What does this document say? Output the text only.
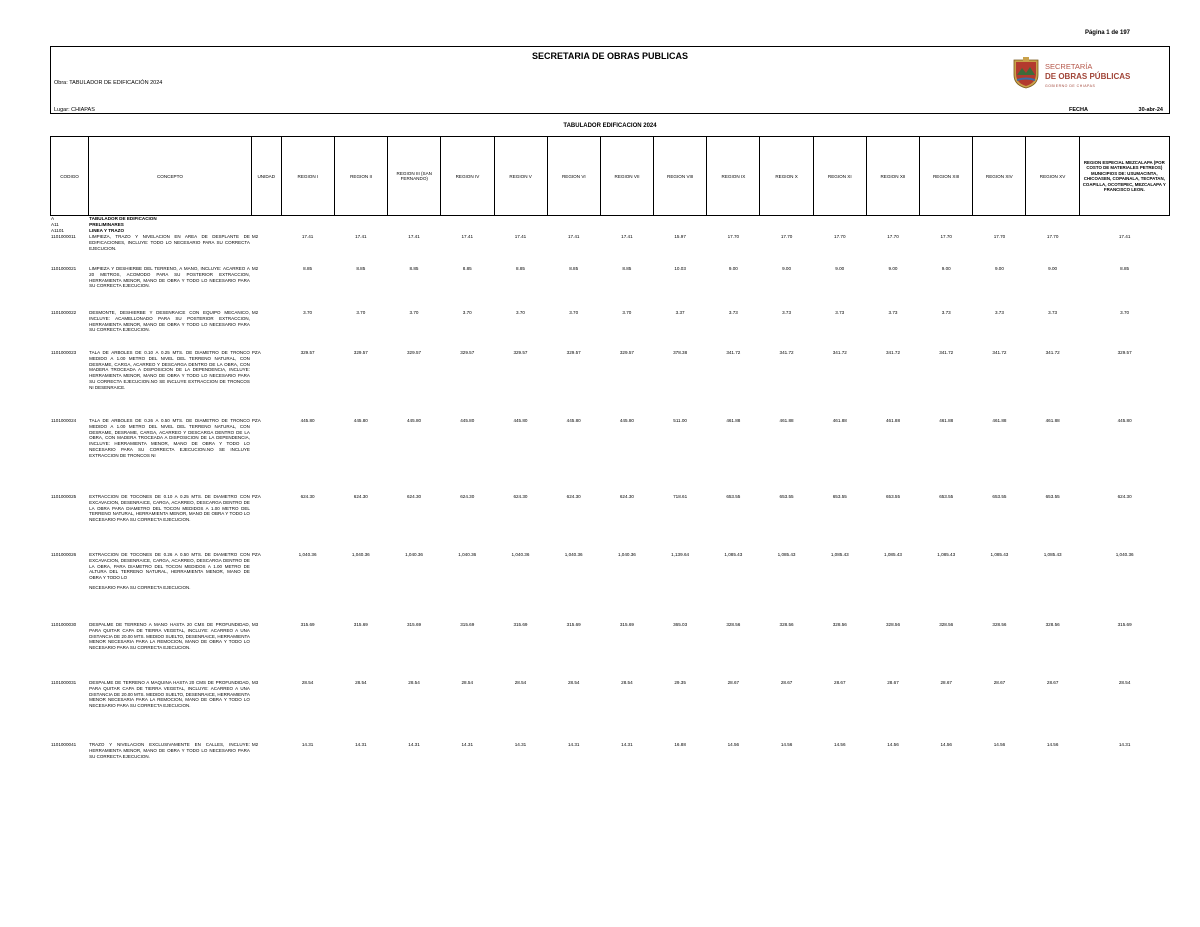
Página 1 de 197
SECRETARIA DE OBRAS PUBLICAS
Obra: TABULADOR DE EDIFICACIÓN 2024
Lugar: CHIAPAS	FECHA	30-abr-24
SECRETARÍA
DE OBRAS PÚBLICAS
GOBIERNO DE CHIAPAS
TABULADOR EDIFICACION 2024
CODIGO	CONCEPTO	UNIDAD	REGION I	REGION II	REGION III (SAN FERNANDO)	REGION IV	REGION V	REGION VI	REGION VII	REGION VIII	REGION IX	REGION X	REGION XI	REGION XII	REGION XIII	REGION XIV	REGION XV	REGION ESPECIAL MEZCALAPA (POR COSTO DE MATERIALES PETREOS) MUNICIPIOS DE: USUMACINTA, CHICOASEN, COPAINALA, TECPATAN, COAPILLA, OCOTEPEC, MEZCALAPA Y FRANCISCO LEON.
A	TABULADOR DE EDIFICACION																	
A11	PRELIMINARES																	
A1101	LINEA Y TRAZO																	
1101000011	LIMPIEZA, TRAZO Y NIVELACION EN AREA DE DESPLANTE DE EDIFICACIONES, INCLUYE: TODO LO NECESARIO PARA SU CORRECTA EJECUCION.	M2	17.41	17.41	17.41	17.41	17.41	17.41	17.41	15.97	17.70	17.70	17.70	17.70	17.70	17.70	17.70	17.41
1101000021	LIMPIEZA Y DESHIERBE DEL TERRENO, A MANO, INCLUYE: ACARREO A 20 METROS, ACOMODO PARA SU POSTERIOR EXTRACCION, HERRAMIENTA MENOR, MANO DE OBRA Y TODO LO NECESARIO PARA SU CORRECTA EJECUCION.	M2	8.85	8.85	8.85	8.85	8.85	8.85	8.85	10.03	9.00	9.00	9.00	9.00	9.00	9.00	9.00	8.85
1101000022	DESMONTE, DESHIERBE Y DESENRAICE CON EQUIPO MECANICO, INCLUYE: ACAMELLONADO PARA SU POSTERIOR EXTRACCION, HERRAMIENTA MENOR, MANO DE OBRA Y TODO LO NECESARIO PARA SU CORRECTA EJECUCION.	M2	3.70	3.70	3.70	3.70	3.70	3.70	3.70	3.37	3.73	3.73	3.73	3.73	3.73	3.73	3.73	3.70
1101000023	TALA DE ARBOLES DE 0.10 A 0.25 MTS. DE DIAMETRO DE TRONCO MEDIDO A 1.00 METRO DEL NIVEL DEL TERRENO NATURAL, CON DESRAME, CARGA, ACARREO Y DESCARGA DENTRO DE LA OBRA, CON MADERA TROCEADA A DISPOSICION DE LA DEPENDENCIA, INCLUYE: HERRAMIENTA MENOR, MANO DE OBRA Y TODO LO NECESARIO PARA SU CORRECTA EJECUCION.NO SE INCLUYE EXTRACCION DE TRONCOS NI DESENRAICE.	PZA	329.57	329.57	329.57	329.57	329.57	329.57	329.57	378.38	341.72	341.72	341.72	341.72	341.72	341.72	341.72	329.57
1101000024	TALA DE ARBOLES DE 0.26 A 0.50 MTS. DE DIAMETRO DE TRONCO MEDIDO A 1.00 METRO DEL NIVEL DEL TERRENO NATURAL, CON DESRAME, DESRAME, CARGA, ACARREO Y DESCARGA DENTRO DE LA OBRA, CON MADERA TROCEADA A DISPOSICION DE LA DEPENDENCIA, INCLUYE: HERRAMIENTA MENOR, MANO DE OBRA Y TODO LO NECESARIO PARA SU CORRECTA EJECUCION.NO SE INCLUYE EXTRACCION DE TRONCOS NI	PZA	445.80	445.80	445.80	445.80	445.80	445.80	445.80	511.00	461.88	461.88	461.88	461.88	461.88	461.88	461.88	445.80
1101000025	EXTRACCION DE TOCONES DE 0.10 A 0.25 MTS. DE DIAMETRO CON EXCAVACION, DESENRAICE, CARGA, ACARREO, DESCARGA DENTRO DE LA OBRA PARA DIAMETRO DEL TOCON MEDIDOS A 1.00 METRO DEL TERRENO NATURAL, HERRAMIENTA MENOR, MANO DE OBRA Y TODO LO NECESARIO PARA SU CORRECTA EJECUCION.	PZA	624.30	624.30	624.30	624.30	624.30	624.30	624.30	718.61	653.55	653.55	653.55	653.55	653.55	653.55	653.55	624.30
1101000026	EXTRACCION DE TOCONES DE 0.26 A 0.50 MTS. DE DIAMETRO CON EXCAVACION, DESENRAICE, CARGA, ACARREO, DESCARGA DENTRO DE LA OBRA, PARA DIAMETRO DEL TOCON MEDIDOS A 1.00 METRO DE ALTURA DEL TERRENO NATURAL, HERRAMIENTA MENOR, MANO DE OBRA Y TODO LO
NECESARIO PARA SU CORRECTA EJECUCION.	PZA	1,040.36	1,040.36	1,040.36	1,040.36	1,040.36	1,040.36	1,040.36	1,139.64	1,085.43	1,085.43	1,085.43	1,085.43	1,085.43	1,085.43	1,085.43	1,040.36
1101000030	DESPALME DE TERRENO A MANO HASTA 20 CMS DE PROFUNDIDAD, PARA QUITAR CAPA DE TIERRA VEGETAL, INCLUYE: ACARREO A UNA DISTANCIA DE 20.00 MTS. MEDIDO SUELTO, DESENRAICE, HERRAMIENTA MENOR NECESARIA PARA LA REMOCION, MANO DE OBRA Y TODO LO NECESARIO PARA SU CORRECTA EJECUCION.	M3	315.69	315.69	315.69	315.69	315.69	315.69	315.69	365.03	328.56	328.56	328.56	328.56	328.56	328.56	328.56	315.69
1101000031	DESPALME DE TERRENO A MAQUINA HASTA 20 CMS DE PROFUNDIDAD, PARA QUITAR CAPA DE TIERRA VEGETAL, INCLUYE: ACARREO A UNA DISTANCIA DE 20.00 MTS. MEDIDO SUELTO, DESENRAICE, HERRAMIENTA MENOR NECESARIA PARA LA REMOCION, MANO DE OBRA Y TODO LO NECESARIO PARA SU CORRECTA EJECUCION.	M3	28.54	28.54	28.54	28.54	28.54	28.54	28.54	29.35	28.67	28.67	28.67	28.67	28.67	28.67	28.67	28.54
1101000041	TRAZO Y NIVELACION EXCLUSIVAMENTE EN CALLES, INCLUYE: HERRAMIENTA MENOR, MANO DE OBRA Y TODO LO NECESARIO PARA SU CORRECTA EJECUCION.	M2	14.31	14.31	14.31	14.31	14.31	14.31	14.31	16.88	14.56	14.56	14.56	14.56	14.56	14.56	14.56	14.31
